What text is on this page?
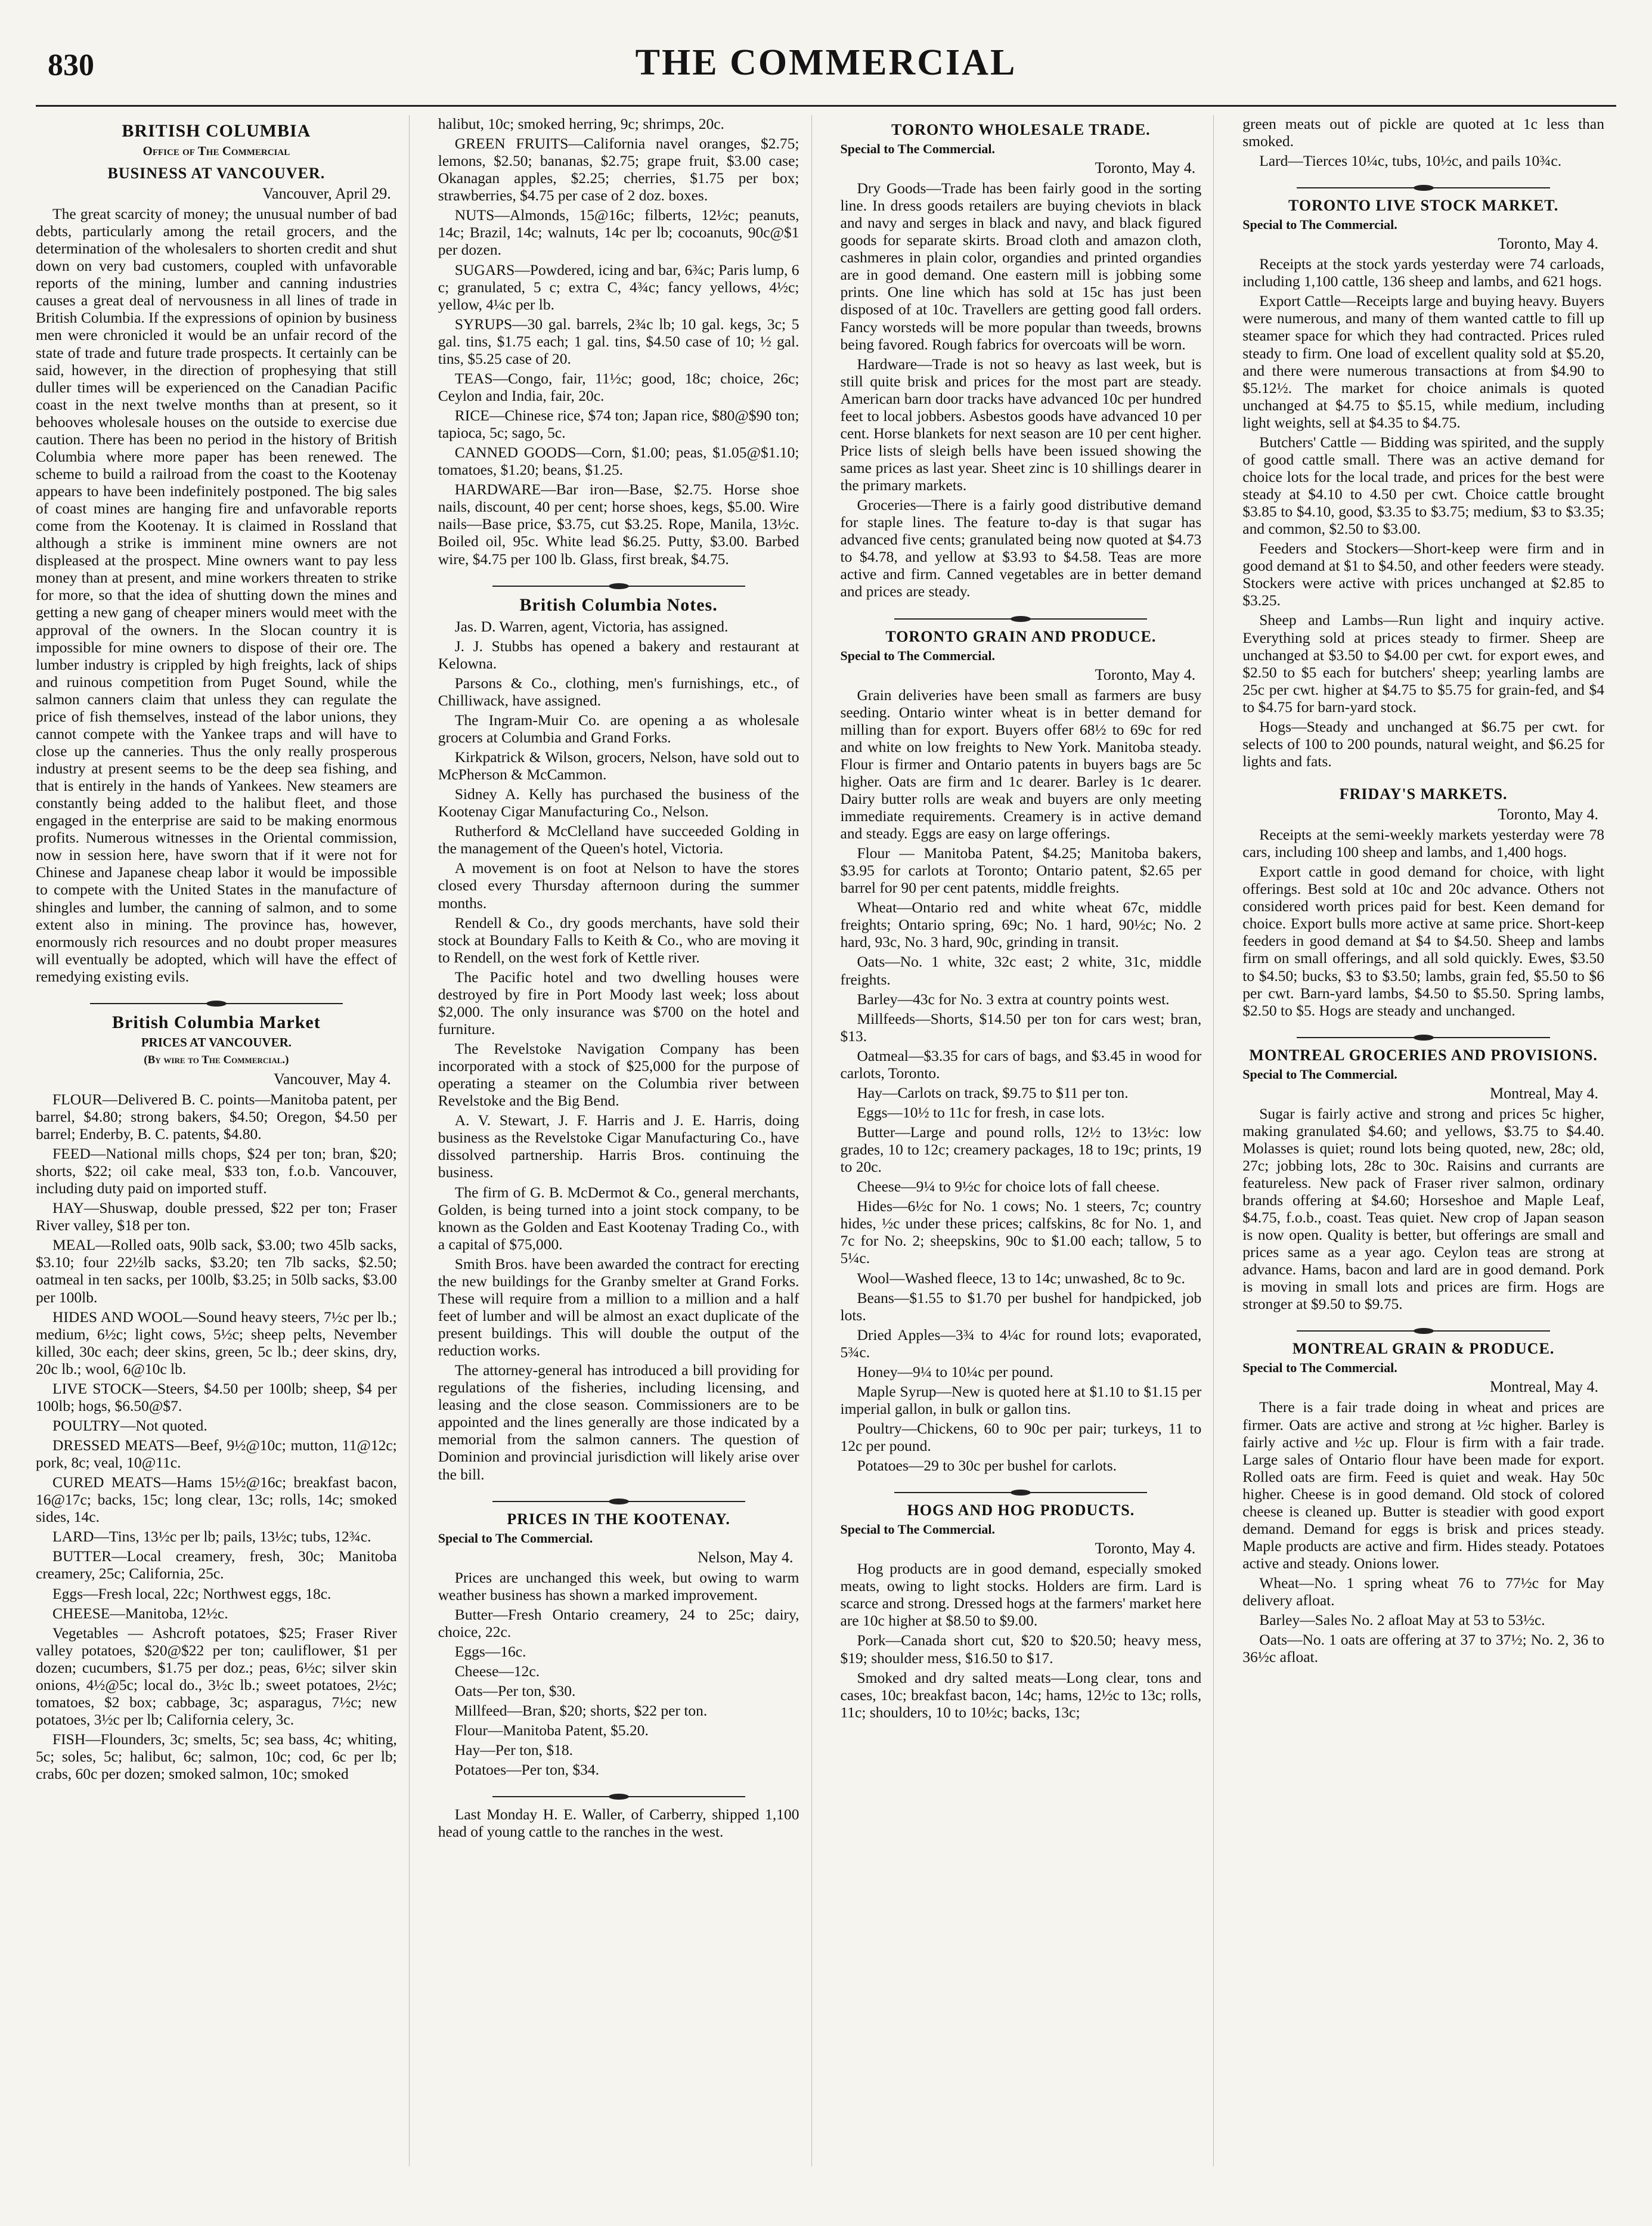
830	THE COMMERCIAL
BRITISH COLUMBIA
Office of The Commercial
BUSINESS AT VANCOUVER.
Vancouver, April 29.

The great scarcity of money; the unusual number of bad debts, particularly among the retail grocers, and the determination of the wholesalers to shorten credit and shut down on very bad customers, coupled with unfavorable reports of the mining, lumber and canning industries causes a great deal of nervousness in all lines of trade in British Columbia. If the expressions of opinion by business men were chronicled it would be an unfair record of the state of trade and future trade prospects. It certainly can be said, however, in the direction of prophesying that still duller times will be experienced on the Canadian Pacific coast in the next twelve months than at present, so it behooves wholesale houses on the outside to exercise due caution. There has been no period in the history of British Columbia where more paper has been renewed. The scheme to build a railroad from the coast to the Kootenay appears to have been indefinitely postponed. The big sales of coast mines are hanging fire and unfavorable reports come from the Kootenay. It is claimed in Rossland that although a strike is imminent mine owners are not displeased at the prospect. Mine owners want to pay less money than at present, and mine workers threaten to strike for more, so that the idea of shutting down the mines and getting a new gang of cheaper miners would meet with the approval of the owners. In the Slocan country it is impossible for mine owners to dispose of their ore. The lumber industry is crippled by high freights, lack of ships and ruinous competition from Puget Sound, while the salmon canners claim that unless they can regulate the price of fish themselves, instead of the labor unions, they cannot compete with the Yankee traps and will have to close up the canneries. Thus the only really prosperous industry at present seems to be the deep sea fishing, and that is entirely in the hands of Yankees. New steamers are constantly being added to the halibut fleet, and those engaged in the enterprise are said to be making enormous profits. Numerous witnesses in the Oriental commission, now in session here, have sworn that if it were not for Chinese and Japanese cheap labor it would be impossible to compete with the United States in the manufacture of shingles and lumber, the canning of salmon, and to some extent also in mining. The province has, however, enormously rich resources and no doubt proper measures will eventually be adopted, which will have the effect of remedying existing evils.

British Columbia Market
PRICES AT VANCOUVER.
(By wire to The Commercial.)
Vancouver, May 4.

FLOUR—Delivered B. C. points—Manitoba patent, per barrel, $4.80; strong bakers, $4.50; Oregon, $4.50 per barrel; Enderby, B. C. patents, $4.80.

FEED—National mills chops, $24 per ton; bran, $20; shorts, $22; oil cake meal, $33 ton, f.o.b. Vancouver, including duty paid on imported stuff.

HAY—Shuswap, double pressed, $22 per ton; Fraser River valley, $18 per ton.

MEAL—Rolled oats, 90lb sack, $3.00; two 45lb sacks, $3.10; four 22½lb sacks, $3.20; ten 7lb sacks, $2.50; oatmeal in ten sacks, per 100lb, $3.25; in 50lb sacks, $3.00 per 100lb.

HIDES AND WOOL—Sound heavy steers, 7½c per lb.; medium, 6½c; light cows, 5½c; sheep pelts, Nevember killed, 30c each; deer skins, green, 5c lb.; deer skins, dry, 20c lb.; wool, 6@10c lb.

LIVE STOCK—Steers, $4.50 per 100lb; sheep, $4 per 100lb; hogs, $6.50@$7.

POULTRY—Not quoted.

DRESSED MEATS—Beef, 9½@10c; mutton, 11@12c; pork, 8c; veal, 10@11c.

CURED MEATS—Hams 15½@16c; breakfast bacon, 16@17c; backs, 15c; long clear, 13c; rolls, 14c; smoked sides, 14c.

LARD—Tins, 13½c per lb; pails, 13½c; tubs, 12¾c.

BUTTER—Local creamery, fresh, 30c; Manitoba creamery, 25c; California, 25c.

Eggs—Fresh local, 22c; Northwest eggs, 18c.

CHEESE—Manitoba, 12½c.

Vegetables — Ashcroft potatoes, $25; Fraser River valley potatoes, $20@$22 per ton; cauliflower, $1 per dozen; cucumbers, $1.75 per doz.; peas, 6½c; silver skin onions, 4½@5c; local do., 3½c lb.; sweet potatoes, 2½c; tomatoes, $2 box; cabbage, 3c; asparagus, 7½c; new potatoes, 3½c per lb; California celery, 3c.

FISH—Flounders, 3c; smelts, 5c; sea bass, 4c; whiting, 5c; soles, 5c; halibut, 6c; salmon, 10c; cod, 6c per lb; crabs, 60c per dozen; smoked salmon, 10c; smoked

halibut, 10c; smoked herring, 9c; shrimps, 20c.

GREEN FRUITS—California navel oranges, $2.75; lemons, $2.50; bananas, $2.75; grape fruit, $3.00 case; Okanagan apples, $2.25; cherries, $1.75 per box; strawberries, $4.75 per case of 2 doz. boxes.

NUTS—Almonds, 15@16c; filberts, 12½c; peanuts, 14c; Brazil, 14c; walnuts, 14c per lb; cocoanuts, 90c@$1 per dozen.

SUGARS—Powdered, icing and bar, 6¾c; Paris lump, 6 c; granulated, 5 c; extra C, 4¾c; fancy yellows, 4½c; yellow, 4¼c per lb.

SYRUPS—30 gal. barrels, 2¾c lb; 10 gal. kegs, 3c; 5 gal. tins, $1.75 each; 1 gal. tins, $4.50 case of 10; ½ gal. tins, $5.25 case of 20.

TEAS—Congo, fair, 11½c; good, 18c; choice, 26c; Ceylon and India, fair, 20c.

RICE—Chinese rice, $74 ton; Japan rice, $80@$90 ton; tapioca, 5c; sago, 5c.

CANNED GOODS—Corn, $1.00; peas, $1.05@$1.10; tomatoes, $1.20; beans, $1.25.

HARDWARE—Bar iron—Base, $2.75. Horse shoe nails, discount, 40 per cent; horse shoes, kegs, $5.00. Wire nails—Base price, $3.75, cut $3.25. Rope, Manila, 13½c. Boiled oil, 95c. White lead $6.25. Putty, $3.00. Barbed wire, $4.75 per 100 lb. Glass, first break, $4.75.

British Columbia Notes.

Jas. D. Warren, agent, Victoria, has assigned.

J. J. Stubbs has opened a bakery and restaurant at Kelowna.

Parsons & Co., clothing, men's furnishings, etc., of Chilliwack, have assigned.

The Ingram-Muir Co. are opening a as wholesale grocers at Columbia and Grand Forks.

Kirkpatrick & Wilson, grocers, Nelson, have sold out to McPherson & McCammon.

Sidney A. Kelly has purchased the business of the Kootenay Cigar Manufacturing Co., Nelson.

Rutherford & McClelland have succeeded Golding in the management of the Queen's hotel, Victoria.

A movement is on foot at Nelson to have the stores closed every Thursday afternoon during the summer months.

Rendell & Co., dry goods merchants, have sold their stock at Boundary Falls to Keith & Co., who are moving it to Rendell, on the west fork of Kettle river.

The Pacific hotel and two dwelling houses were destroyed by fire in Port Moody last week; loss about $2,000. The only insurance was $700 on the hotel and furniture.

The Revelstoke Navigation Company has been incorporated with a stock of $25,000 for the purpose of operating a steamer on the Columbia river between Revelstoke and the Big Bend.

A. V. Stewart, J. F. Harris and J. E. Harris, doing business as the Revelstoke Cigar Manufacturing Co., have dissolved partnership. Harris Bros. continuing the business.

The firm of G. B. McDermot & Co., general merchants, Golden, is being turned into a joint stock company, to be known as the Golden and East Kootenay Trading Co., with a capital of $75,000.

Smith Bros. have been awarded the contract for erecting the new buildings for the Granby smelter at Grand Forks. These will require from a million to a million and a half feet of lumber and will be almost an exact duplicate of the present buildings. This will double the output of the reduction works.

The attorney-general has introduced a bill providing for regulations of the fisheries, including licensing, and leasing and the close season. Commissioners are to be appointed and the lines generally are those indicated by a memorial from the salmon canners. The question of Dominion and provincial jurisdiction will likely arise over the bill.

PRICES IN THE KOOTENAY.
Special to The Commercial.
Nelson, May 4.

Prices are unchanged this week, but owing to warm weather business has shown a marked improvement.

Butter—Fresh Ontario creamery, 24 to 25c; dairy, choice, 22c.

Eggs—16c.

Cheese—12c.

Oats—Per ton, $30.

Millfeed—Bran, $20; shorts, $22 per ton.

Flour—Manitoba Patent, $5.20.

Hay—Per ton, $18.

Potatoes—Per ton, $34.

Last Monday H. E. Waller, of Carberry, shipped 1,100 head of young cattle to the ranches in the west.

TORONTO WHOLESALE TRADE.
Special to The Commercial.
Toronto, May 4.

Dry Goods—Trade has been fairly good in the sorting line. In dress goods retailers are buying cheviots in black and navy and serges in black and navy, and black figured goods for separate skirts. Broad cloth and amazon cloth, cashmeres in plain color, organdies and printed organdies are in good demand. One eastern mill is jobbing some prints. One line which has sold at 15c has just been disposed of at 10c. Travellers are getting good fall orders. Fancy worsteds will be more popular than tweeds, browns being favored. Rough fabrics for overcoats will be worn.

Hardware—Trade is not so heavy as last week, but is still quite brisk and prices for the most part are steady. American barn door tracks have advanced 10c per hundred feet to local jobbers. Asbestos goods have advanced 10 per cent. Horse blankets for next season are 10 per cent higher. Price lists of sleigh bells have been issued showing the same prices as last year. Sheet zinc is 10 shillings dearer in the primary markets.

Groceries—There is a fairly good distributive demand for staple lines. The feature to-day is that sugar has advanced five cents; granulated being now quoted at $4.73 to $4.78, and yellow at $3.93 to $4.58. Teas are more active and firm. Canned vegetables are in better demand and prices are steady.

TORONTO GRAIN AND PRODUCE.
Special to The Commercial.
Toronto, May 4.

Grain deliveries have been small as farmers are busy seeding. Ontario winter wheat is in better demand for milling than for export. Buyers offer 68½ to 69c for red and white on low freights to New York. Manitoba steady. Flour is firmer and Ontario patents in buyers bags are 5c higher. Oats are firm and 1c dearer. Barley is 1c dearer. Dairy butter rolls are weak and buyers are only meeting immediate requirements. Creamery is in active demand and steady. Eggs are easy on large offerings.

Flour — Manitoba Patent, $4.25; Manitoba bakers, $3.95 for carlots at Toronto; Ontario patent, $2.65 per barrel for 90 per cent patents, middle freights.

Wheat—Ontario red and white wheat 67c, middle freights; Ontario spring, 69c; No. 1 hard, 90½c; No. 2 hard, 93c, No. 3 hard, 90c, grinding in transit.

Oats—No. 1 white, 32c east; 2 white, 31c, middle freights.

Barley—43c for No. 3 extra at country points west.

Millfeeds—Shorts, $14.50 per ton for cars west; bran, $13.

Oatmeal—$3.35 for cars of bags, and $3.45 in wood for carlots, Toronto.

Hay—Carlots on track, $9.75 to $11 per ton.

Eggs—10½ to 11c for fresh, in case lots.

Butter—Large and pound rolls, 12½ to 13½c: low grades, 10 to 12c; creamery packages, 18 to 19c; prints, 19 to 20c.

Cheese—9¼ to 9½c for choice lots of fall cheese.

Hides—6½c for No. 1 cows; No. 1 steers, 7c; country hides, ½c under these prices; calfskins, 8c for No. 1, and 7c for No. 2; sheepskins, 90c to $1.00 each; tallow, 5 to 5¼c.

Wool—Washed fleece, 13 to 14c; unwashed, 8c to 9c.

Beans—$1.55 to $1.70 per bushel for handpicked, job lots.

Dried Apples—3¾ to 4¼c for round lots; evaporated, 5¾c.

Honey—9¼ to 10¼c per pound.

Maple Syrup—New is quoted here at $1.10 to $1.15 per imperial gallon, in bulk or gallon tins.

Poultry—Chickens, 60 to 90c per pair; turkeys, 11 to 12c per pound.

Potatoes—29 to 30c per bushel for carlots.

HOGS AND HOG PRODUCTS.
Special to The Commercial.
Toronto, May 4.

Hog products are in good demand, especially smoked meats, owing to light stocks. Holders are firm. Lard is scarce and strong. Dressed hogs at the farmers' market here are 10c higher at $8.50 to $9.00.

Pork—Canada short cut, $20 to $20.50; heavy mess, $19; shoulder mess, $16.50 to $17.

Smoked and dry salted meats—Long clear, tons and cases, 10c; breakfast bacon, 14c; hams, 12½c to 13c; rolls, 11c; shoulders, 10 to 10½c; backs, 13c;

green meats out of pickle are quoted at 1c less than smoked.

Lard—Tierces 10¼c, tubs, 10½c, and pails 10¾c.

TORONTO LIVE STOCK MARKET.
Special to The Commercial.
Toronto, May 4.

Receipts at the stock yards yesterday were 74 carloads, including 1,100 cattle, 136 sheep and lambs, and 621 hogs.

Export Cattle—Receipts large and buying heavy. Buyers were numerous, and many of them wanted cattle to fill up steamer space for which they had contracted. Prices ruled steady to firm. One load of excellent quality sold at $5.20, and there were numerous transactions at from $4.90 to $5.12½. The market for choice animals is quoted unchanged at $4.75 to $5.15, while medium, including light weights, sell at $4.35 to $4.75.

Butchers' Cattle — Bidding was spirited, and the supply of good cattle small. There was an active demand for choice lots for the local trade, and prices for the best were steady at $4.10 to 4.50 per cwt. Choice cattle brought $3.85 to $4.10, good, $3.35 to $3.75; medium, $3 to $3.35; and common, $2.50 to $3.00.

Feeders and Stockers—Short-keep were firm and in good demand at $1 to $4.50, and other feeders were steady. Stockers were active with prices unchanged at $2.85 to $3.25.

Sheep and Lambs—Run light and inquiry active. Everything sold at prices steady to firmer. Sheep are unchanged at $3.50 to $4.00 per cwt. for export ewes, and $2.50 to $5 each for butchers' sheep; yearling lambs are 25c per cwt. higher at $4.75 to $5.75 for grain-fed, and $4 to $4.75 for barn-yard stock.

Hogs—Steady and unchanged at $6.75 per cwt. for selects of 100 to 200 pounds, natural weight, and $6.25 for lights and fats.

FRIDAY'S MARKETS.
Toronto, May 4.

Receipts at the semi-weekly markets yesterday were 78 cars, including 100 sheep and lambs, and 1,400 hogs.

Export cattle in good demand for choice, with light offerings. Best sold at 10c and 20c advance. Others not considered worth prices paid for best. Keen demand for choice. Export bulls more active at same price. Short-keep feeders in good demand at $4 to $4.50. Sheep and lambs firm on small offerings, and all sold quickly. Ewes, $3.50 to $4.50; bucks, $3 to $3.50; lambs, grain fed, $5.50 to $6 per cwt. Barn-yard lambs, $4.50 to $5.50. Spring lambs, $2.50 to $5. Hogs are steady and unchanged.

MONTREAL GROCERIES AND PROVISIONS.
Special to The Commercial.
Montreal, May 4.

Sugar is fairly active and strong and prices 5c higher, making granulated $4.60; and yellows, $3.75 to $4.40. Molasses is quiet; round lots being quoted, new, 28c; old, 27c; jobbing lots, 28c to 30c. Raisins and currants are featureless. New pack of Fraser river salmon, ordinary brands offering at $4.60; Horseshoe and Maple Leaf, $4.75, f.o.b., coast. Teas quiet. New crop of Japan season is now open. Quality is better, but offerings are small and prices same as a year ago. Ceylon teas are strong at advance. Hams, bacon and lard are in good demand. Pork is moving in small lots and prices are firm. Hogs are stronger at $9.50 to $9.75.

MONTREAL GRAIN & PRODUCE.
Special to The Commercial.
Montreal, May 4.

There is a fair trade doing in wheat and prices are firmer. Oats are active and strong at ½c higher. Barley is fairly active and ½c up. Flour is firm with a fair trade. Large sales of Ontario flour have been made for export. Rolled oats are firm. Feed is quiet and weak. Hay 50c higher. Cheese is in good demand. Old stock of colored cheese is cleaned up. Butter is steadier with good export demand. Demand for eggs is brisk and prices steady. Maple products are active and firm. Hides steady. Potatoes active and steady. Onions lower.

Wheat—No. 1 spring wheat 76 to 77½c for May delivery afloat.

Barley—Sales No. 2 afloat May at 53 to 53½c.

Oats—No. 1 oats are offering at 37 to 37½; No. 2, 36 to 36½c afloat.
